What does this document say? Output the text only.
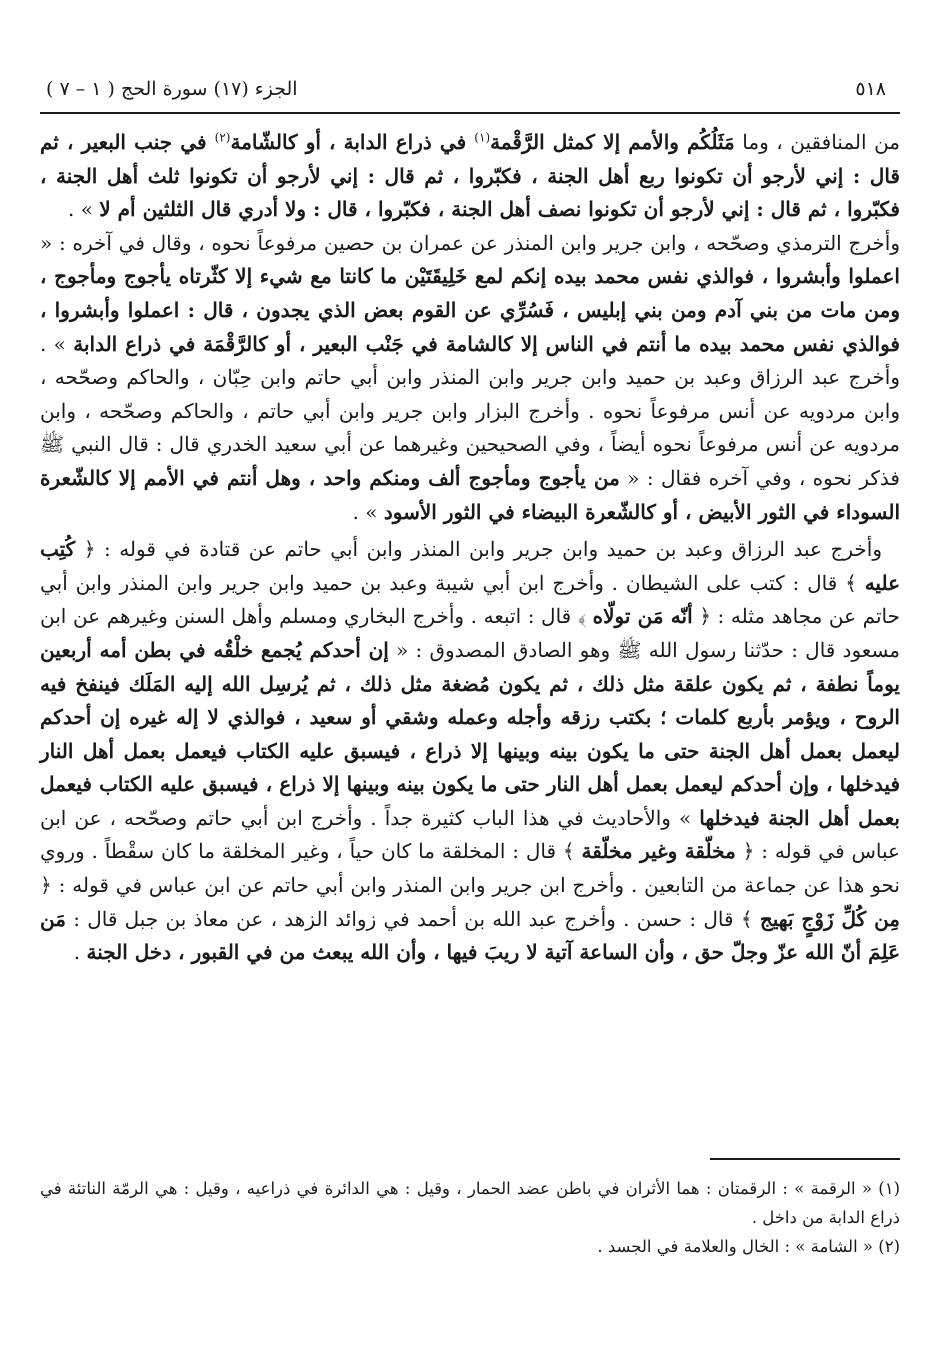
٥١٨
الجزء (١٧) سورة الحج ( ١ – ٧ )

من المنافقين ، وما مَثَلُكُم والأمم إلا كمثل الرَّقْمة$^{(١)}$ في ذراع الدابة ، أو كالشّامة$^{(٢)}$ في جنب البعير ، ثم قال : إني لأرجو أن تكونوا ربع أهل الجنة ، فكبّروا ، ثم قال : إني لأرجو أن تكونوا ثلث أهل الجنة ، فكبّروا ، ثم قال : إني لأرجو أن تكونوا نصف أهل الجنة ، فكبّروا ، قال : ولا أدري قال الثلثين أم لا » .

وأخرج الترمذي وصحّحه ، وابن جرير وابن المنذر عن عمران بن حصين مرفوعاً نحوه ، وقال في آخره : « اعملوا وأبشروا ، فوالذي نفس محمد بيده إنكم لمع خَلِيقَتَيْن ما كانتا مع شيء إلا كثّرتاه يأجوج ومأجوج ، ومن مات من بني آدم ومن بني إبليس ، فَسُرِّي عن القوم بعض الذي يجدون ، قال : اعملوا وأبشروا ، فوالذي نفس محمد بيده ما أنتم في الناس إلا كالشامة في جَنْب البعير ، أو كالرَّقْمَة في ذراع الدابة » . وأخرج عبد الرزاق وعبد بن حميد وابن جرير وابن المنذر وابن أبي حاتم وابن حِبّان ، والحاكم وصحّحه ، وابن مردويه عن أنس مرفوعاً نحوه . وأخرج البزار وابن جرير وابن أبي حاتم ، والحاكم وصحّحه ، وابن مردويه عن أنس مرفوعاً نحوه أيضاً ، وفي الصحيحين وغيرهما عن أبي سعيد الخدري قال : قال النبي ﷺ فذكر نحوه ، وفي آخره فقال : « من يأجوج ومأجوج ألف ومنكم واحد ، وهل أنتم في الأمم إلا كالشّعرة السوداء في الثور الأبيض ، أو كالشّعرة البيضاء في الثور الأسود » .

وأخرج عبد الرزاق وعبد بن حميد وابن جرير وابن المنذر وابن أبي حاتم عن قتادة في قوله : ﴿ كُتِب عليه ﴾ قال : كتب على الشيطان . وأخرج ابن أبي شيبة وعبد بن حميد وابن جرير وابن المنذر وابن أبي حاتم عن مجاهد مثله : ﴿ أنّه مَن تولّاه ﴾ قال : اتبعه . وأخرج البخاري ومسلم وأهل السنن وغيرهم عن ابن مسعود قال : حدّثنا رسول الله ﷺ وهو الصادق المصدوق : « إن أحدكم يُجمع خلْقُه في بطن أمه أربعين يوماً نطفة ، ثم يكون علقة مثل ذلك ، ثم يكون مُضغة مثل ذلك ، ثم يُرسِل الله إليه المَلَك فينفخ فيه الروح ، ويؤمر بأربع كلمات ؛ بكتب رزقه وأجله وعمله وشقي أو سعيد ، فوالذي لا إله غيره إن أحدكم ليعمل بعمل أهل الجنة حتى ما يكون بينه وبينها إلا ذراع ، فيسبق عليه الكتاب فيعمل بعمل أهل النار فيدخلها ، وإن أحدكم ليعمل بعمل أهل النار حتى ما يكون بينه وبينها إلا ذراع ، فيسبق عليه الكتاب فيعمل بعمل أهل الجنة فيدخلها » والأحاديث في هذا الباب كثيرة جداً . وأخرج ابن أبي حاتم وصحّحه ، عن ابن عباس في قوله : ﴿ مخلّقة وغير مخلّقة ﴾ قال : المخلقة ما كان حياً ، وغير المخلقة ما كان سقْطاً . وروي نحو هذا عن جماعة من التابعين . وأخرج ابن جرير وابن المنذر وابن أبي حاتم عن ابن عباس في قوله : ﴿ مِن كُلِّ زَوْجٍ بَهيج ﴾ قال : حسن . وأخرج عبد الله بن أحمد في زوائد الزهد ، عن معاذ بن جبل قال : مَن عَلِمَ أنّ الله عزّ وجلّ حق ، وأن الساعة آتية لا ريبَ فيها ، وأن الله يبعث من في القبور ، دخل الجنة .

(١) « الرقمة » : الرقمتان : هما الأثران في باطن عضد الحمار ، وقيل : هي الدائرة في ذراعيه ، وقيل : هي الرمّة الناتئة في ذراع الدابة من داخل .

(٢) « الشامة » : الخال والعلامة في الجسد .
